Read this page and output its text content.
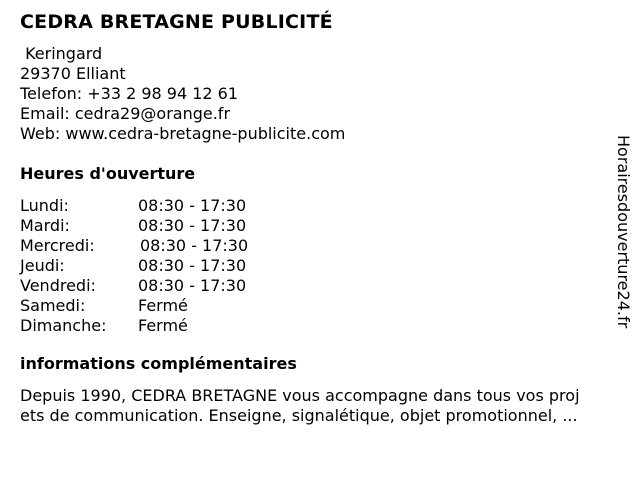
CEDRA BRETAGNE PUBLICITÉ
Keringard
29370 Elliant
Telefon: +33 2 98 94 12 61
Email: cedra29@orange.fr
Web: www.cedra-bretagne-publicite.com
Heures d'ouverture
Lundi:	08:30 - 17:30
Mardi:	08:30 - 17:30
Mercredi:	08:30 - 17:30
Jeudi:	08:30 - 17:30
Vendredi:	08:30 - 17:30
Samedi:	Fermé
Dimanche: Fermé
informations complémentaires
Depuis 1990, CEDRA BRETAGNE vous accompagne dans tous vos proj
ets de communication. Enseigne, signalétique, objet promotionnel, ...
Horairesdouverture24.fr
